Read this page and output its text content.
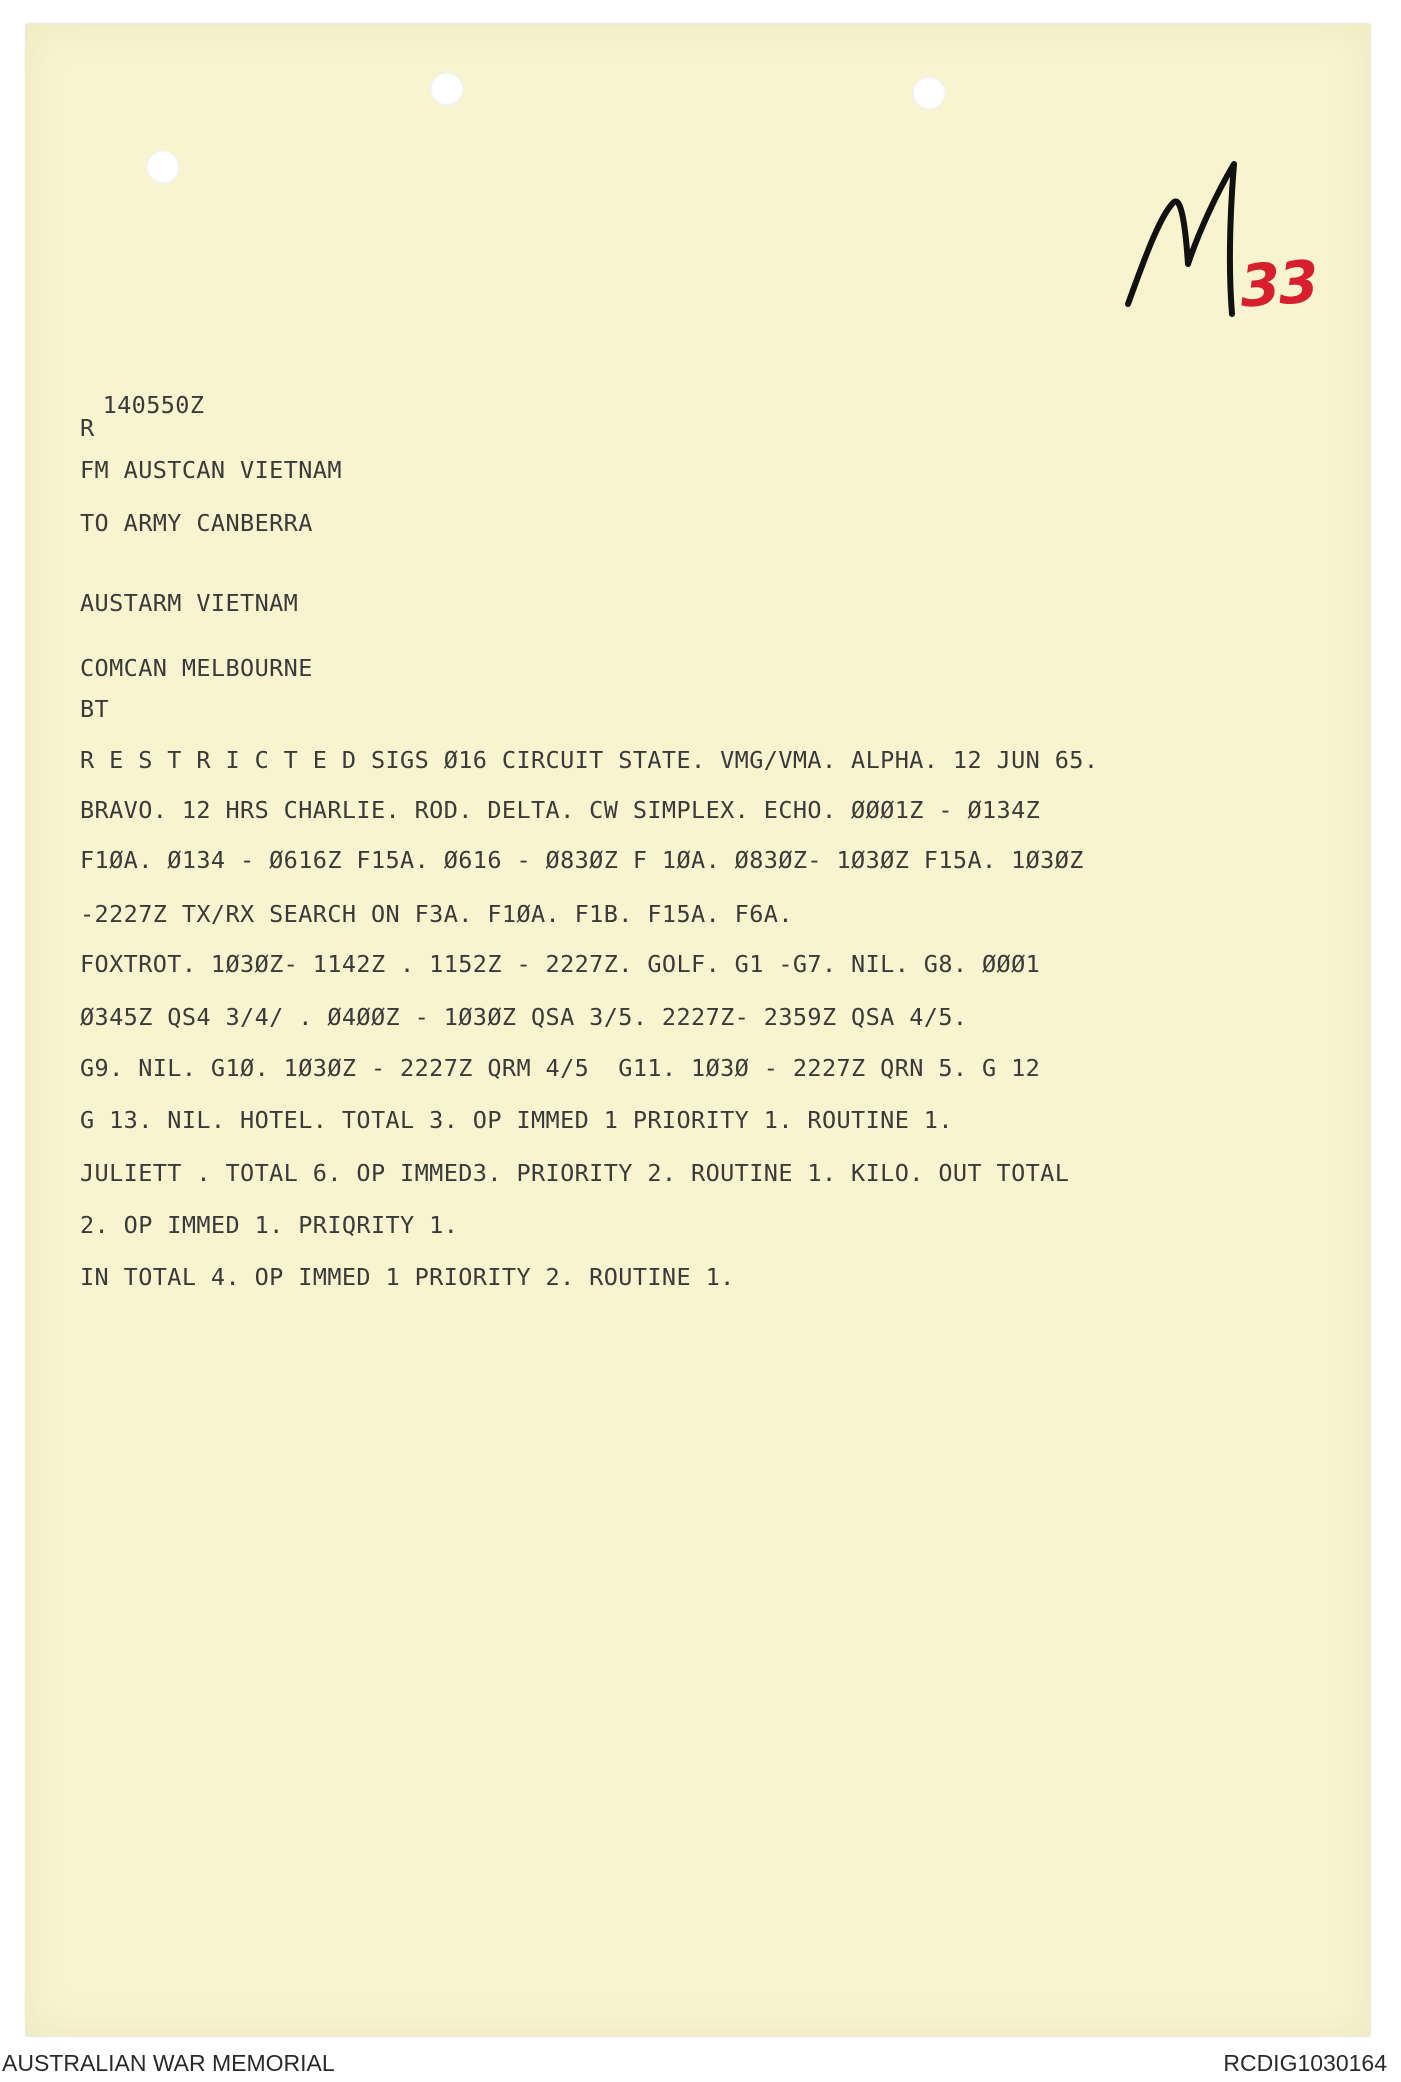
33
R140550Z
FM AUSTCAN VIETNAM
TO ARMY CANBERRA
AUSTARM VIETNAM
COMCAN MELBOURNE
BT
R E S T R I C T E D SIGS Ø16 CIRCUIT STATE. VMG/VMA. ALPHA. 12 JUN 65.
BRAVO. 12 HRS CHARLIE. ROD. DELTA. CW SIMPLEX. ECHO. ØØØ1Z - Ø134Z
F1ØA. Ø134 - Ø616Z F15A. Ø616 - Ø83ØZ F 1ØA. Ø83ØZ- 1Ø3ØZ F15A. 1Ø3ØZ
-2227Z TX/RX SEARCH ON F3A. F1ØA. F1B. F15A. F6A.
FOXTROT. 1Ø3ØZ- 1142Z . 1152Z - 2227Z. GOLF. G1 -G7. NIL. G8. ØØØ1
Ø345Z QS4 3/4/ . Ø4ØØZ - 1Ø3ØZ QSA 3/5. 2227Z- 2359Z QSA 4/5.
G9. NIL. G1Ø. 1Ø3ØZ - 2227Z QRM 4/5  G11. 1Ø3Ø - 2227Z QRN 5. G 12
G 13. NIL. HOTEL. TOTAL 3. OP IMMED 1 PRIORITY 1. ROUTINE 1.
JULIETT . TOTAL 6. OP IMMED3. PRIORITY 2. ROUTINE 1. KILO. OUT TOTAL
2. OP IMMED 1. PRIQRITY 1.
IN TOTAL 4. OP IMMED 1 PRIORITY 2. ROUTINE 1.
AUSTRALIAN WAR MEMORIAL	RCDIG1030164
